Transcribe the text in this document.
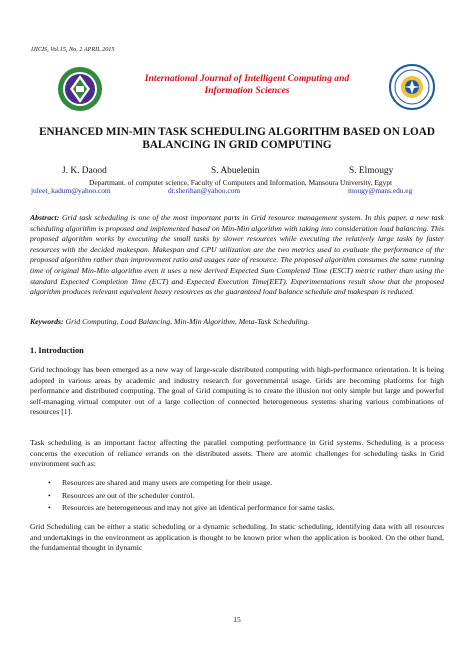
IJICIS, Vol.15, No. 2 APRIL 2015
International Journal of Intelligent Computing and
Information Sciences
ENHANCED MIN-MIN TASK SCHEDULING ALGORITHM BASED ON LOAD
BALANCING IN GRID COMPUTING
J. K. Daood	S. Abuelenin	S. Elmougy
Departmant. of computer science, Faculty of Computers and Information, Mansoura University, Egypt
juleet_kadum@yahoo.com	dr.sherihan@yahoo.com	mougy@mans.edu.eg
Abstract: Grid task scheduling is one of the most important parts in Grid resource management system. In this paper, a new task scheduling algorithm is proposed and implemented based on Min-Min algorithm with taking into consideration load balancing. This proposed algorithm works by executing the small tasks by slower resources while executing the relatively large tasks by faster resources with the decided makespan. Makespan and CPU utilization are the two metrics used to evaluate the performance of the proposed algorithm rather than improvement ratio and usages rate of resource. The proposed algorithm consumes the same running time of original Min-Min algorithm even it uses a new derived Expected Sum Completed Time (ESCT) metric rather than using the standard Expected Completion Time (ECT) and Expected Execution Time(EET). Experimentations result show that the proposed algorithm produces relevant equivalent heavy resources as the guaranteed load balance schedule and makespan is reduced.
Keywords: Grid Computing, Load Balancing, Min-Min Algorithm, Meta-Task Scheduling.
1. Introduction
Grid technology has been emerged as a new way of large-scale distributed computing with high-performance orientation. It is being adopted in various areas by academic and industry research for governmental usage. Grids are becoming platforms for high performance and distributed computing. The goal of Grid computing is to create the illusion not only simple but large and powerful self-managing virtual computer out of a large collection of connected heterogeneous systems sharing various combinations of resources [1].
Task scheduling is an important factor affecting the parallel computing performance in Grid systems. Scheduling is a process concerns the execution of reliance errands on the distributed assets. There are atomic challenges for scheduling tasks in Grid environment such as:
• Resources are shared and many users are competing for their usage.
• Resources are out of the scheduler control.
• Resources are heterogeneous and may not give an identical performance for same tasks.
Grid Scheduling can be either a static scheduling or a dynamic scheduling. In static scheduling, identifying data with all resources and undertakings in the environment as application is thought to be known prior when the application is booked. On the other hand, the fundamental thought in dynamic
15
